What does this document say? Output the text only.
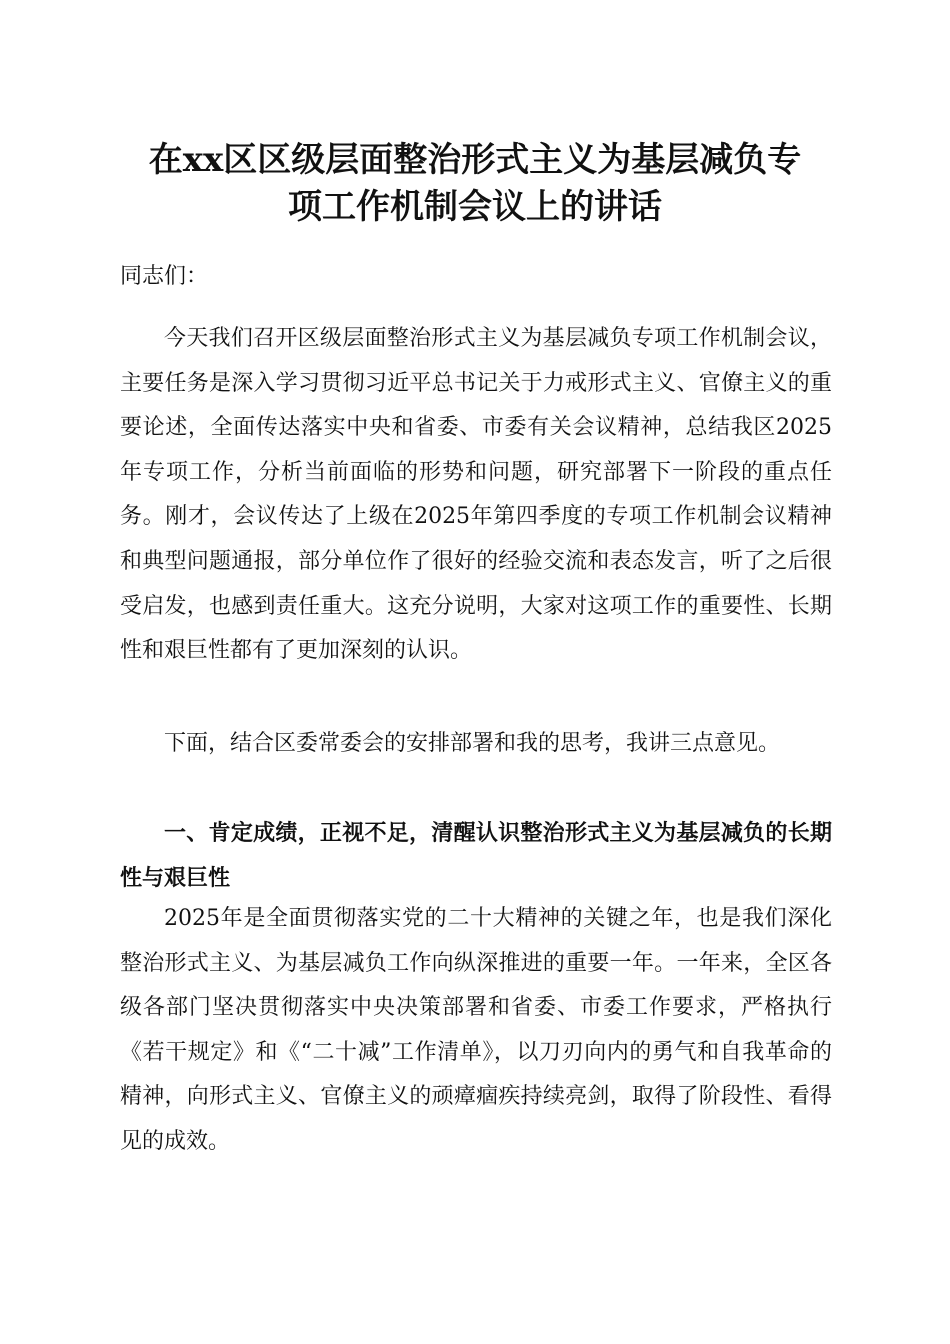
在xx区区级层面整治形式主义为基层减负专
项工作机制会议上的讲话

同志们：

今天我们召开区级层面整治形式主义为基层减负专项工作机制会议，主要任务是深入学习贯彻习近平总书记关于力戒形式主义、官僚主义的重要论述，全面传达落实中央和省委、市委有关会议精神，总结我区2025年专项工作，分析当前面临的形势和问题，研究部署下一阶段的重点任务。刚才，会议传达了上级在2025年第四季度的专项工作机制会议精神和典型问题通报，部分单位作了很好的经验交流和表态发言，听了之后很受启发，也感到责任重大。这充分说明，大家对这项工作的重要性、长期性和艰巨性都有了更加深刻的认识。

下面，结合区委常委会的安排部署和我的思考，我讲三点意见。

一、肯定成绩，正视不足，清醒认识整治形式主义为基层减负的长期性与艰巨性

2025年是全面贯彻落实党的二十大精神的关键之年，也是我们深化整治形式主义、为基层减负工作向纵深推进的重要一年。一年来，全区各级各部门坚决贯彻落实中央决策部署和省委、市委工作要求，严格执行《若干规定》和《“二十减”工作清单》，以刀刃向内的勇气和自我革命的精神，向形式主义、官僚主义的顽瘴痼疾持续亮剑，取得了阶段性、看得见的成效。
